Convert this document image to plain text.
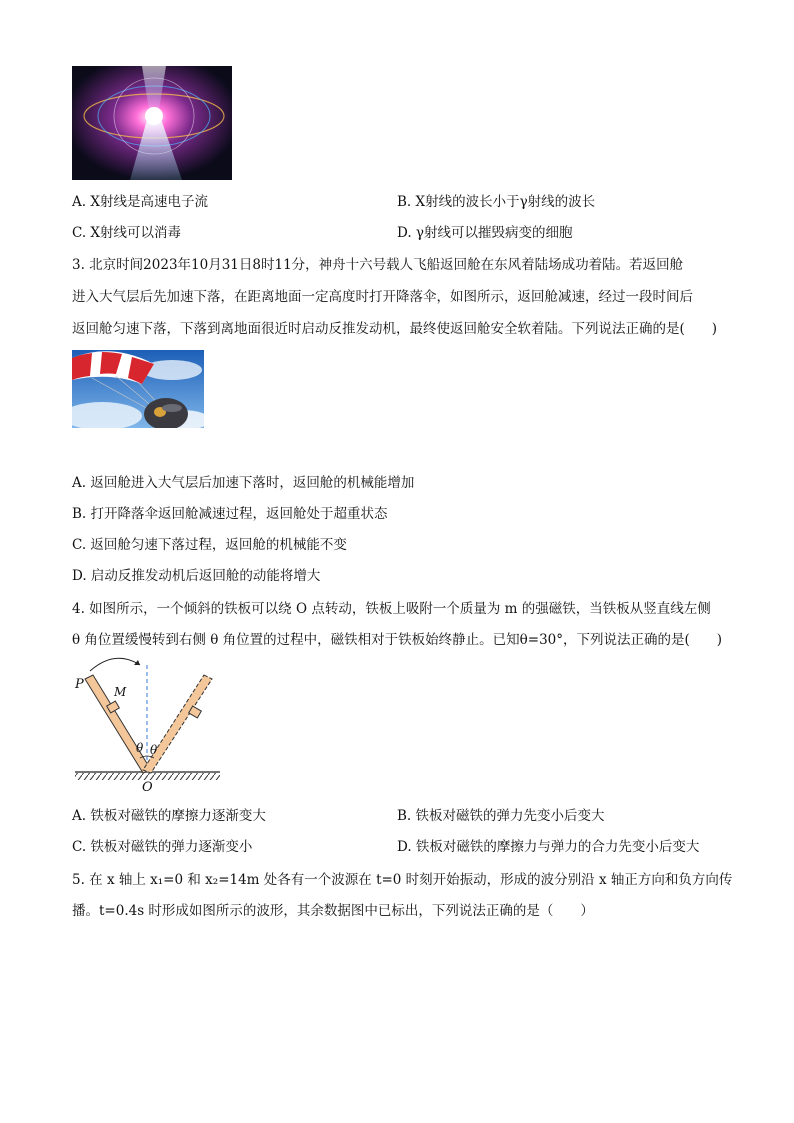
A. X射线是高速电子流	B. X射线的波长小于γ射线的波长
C. X射线可以消毒	D. γ射线可以摧毁病变的细胞
3. 北京时间2023年10月31日8时11分，神舟十六号载人飞船返回舱在东风着陆场成功着陆。若返回舱
进入大气层后先加速下落，在距离地面一定高度时打开降落伞，如图所示，返回舱减速，经过一段时间后
返回舱匀速下落，下落到离地面很近时启动反推发动机，最终使返回舱安全软着陆。下列说法正确的是(　　)
A. 返回舱进入大气层后加速下落时，返回舱的机械能增加
B. 打开降落伞返回舱减速过程，返回舱处于超重状态
C. 返回舱匀速下落过程，返回舱的机械能不变
D. 启动反推发动机后返回舱的动能将增大
4. 如图所示，一个倾斜的铁板可以绕 O 点转动，铁板上吸附一个质量为 m 的强磁铁，当铁板从竖直线左侧
θ 角位置缓慢转到右侧 θ 角位置的过程中，磁铁相对于铁板始终静止。已知θ=30°，下列说法正确的是(　　)
P	M
θ θ
O
A. 铁板对磁铁的摩擦力逐渐变大	B. 铁板对磁铁的弹力先变小后变大
C. 铁板对磁铁的弹力逐渐变小	D. 铁板对磁铁的摩擦力与弹力的合力先变小后变大
5. 在 x 轴上 x₁=0 和 x₂=14m 处各有一个波源在 t=0 时刻开始振动，形成的波分别沿 x 轴正方向和负方向传
播。t=0.4s 时形成如图所示的波形，其余数据图中已标出，下列说法正确的是（　　）
